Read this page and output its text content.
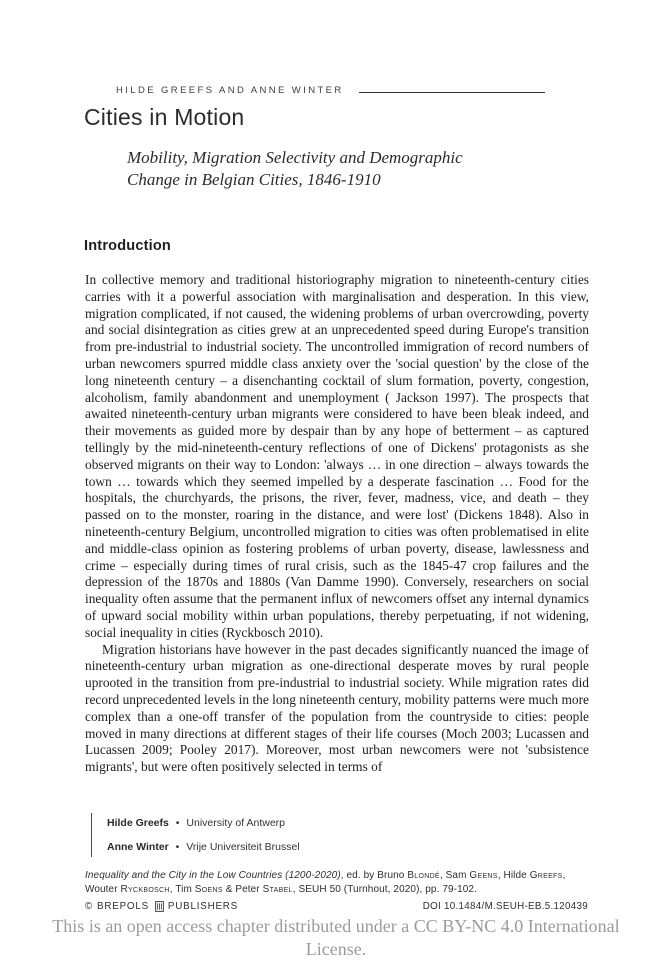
HILDE GREEFS AND ANNE WINTER
Cities in Motion
Mobility, Migration Selectivity and Demographic
Change in Belgian Cities, 1846-1910
Introduction

In collective memory and traditional historiography migration to nineteenth-century cities carries with it a powerful association with marginalisation and desperation. In this view, migration complicated, if not caused, the widening problems of urban overcrowding, poverty and social disintegration as cities grew at an unprecedented speed during Europe's transition from pre-industrial to industrial society. The uncontrolled immigration of record numbers of urban newcomers spurred middle class anxiety over the 'social question' by the close of the long nineteenth century – a disenchanting cocktail of slum formation, poverty, congestion, alcoholism, family abandonment and unemployment ( Jackson 1997). The prospects that awaited nineteenth-century urban migrants were considered to have been bleak indeed, and their movements as guided more by despair than by any hope of betterment – as captured tellingly by the mid-nineteenth-century reflections of one of Dickens' protagonists as she observed migrants on their way to London: 'always … in one direction – always towards the town … towards which they seemed impelled by a desperate fascination … Food for the hospitals, the churchyards, the prisons, the river, fever, madness, vice, and death – they passed on to the monster, roaring in the distance, and were lost' (Dickens 1848). Also in nineteenth-century Belgium, uncontrolled migration to cities was often problematised in elite and middle-class opinion as fostering problems of urban poverty, disease, lawlessness and crime – especially during times of rural crisis, such as the 1845-47 crop failures and the depression of the 1870s and 1880s (Van Damme 1990). Conversely, researchers on social inequality often assume that the permanent influx of newcomers offset any internal dynamics of upward social mobility within urban populations, thereby perpetuating, if not widening, social inequality in cities (Ryckbosch 2010).

Migration historians have however in the past decades significantly nuanced the image of nineteenth-century urban migration as one-directional desperate moves by rural people uprooted in the transition from pre-industrial to industrial society. While migration rates did record unprecedented levels in the long nineteenth century, mobility patterns were much more complex than a one-off transfer of the population from the countryside to cities: people moved in many directions at different stages of their life courses (Moch 2003; Lucassen and Lucassen 2009; Pooley 2017). Moreover, most urban newcomers were not 'subsistence migrants', but were often positively selected in terms of

Hilde Greefs • University of Antwerp
Anne Winter • Vrije Universiteit Brussel
Inequality and the City in the Low Countries (1200-2020), ed. by Bruno Blondé, Sam Geens, Hilde Greefs,
Wouter Ryckbosch, Tim Soens & Peter Stabel, SEUH 50 (Turnhout, 2020), pp. 79-102.
© BREPOLS PUBLISHERS	DOI 10.1484/M.SEUH-EB.5.120439
This is an open access chapter distributed under a CC BY-NC 4.0 International License.
